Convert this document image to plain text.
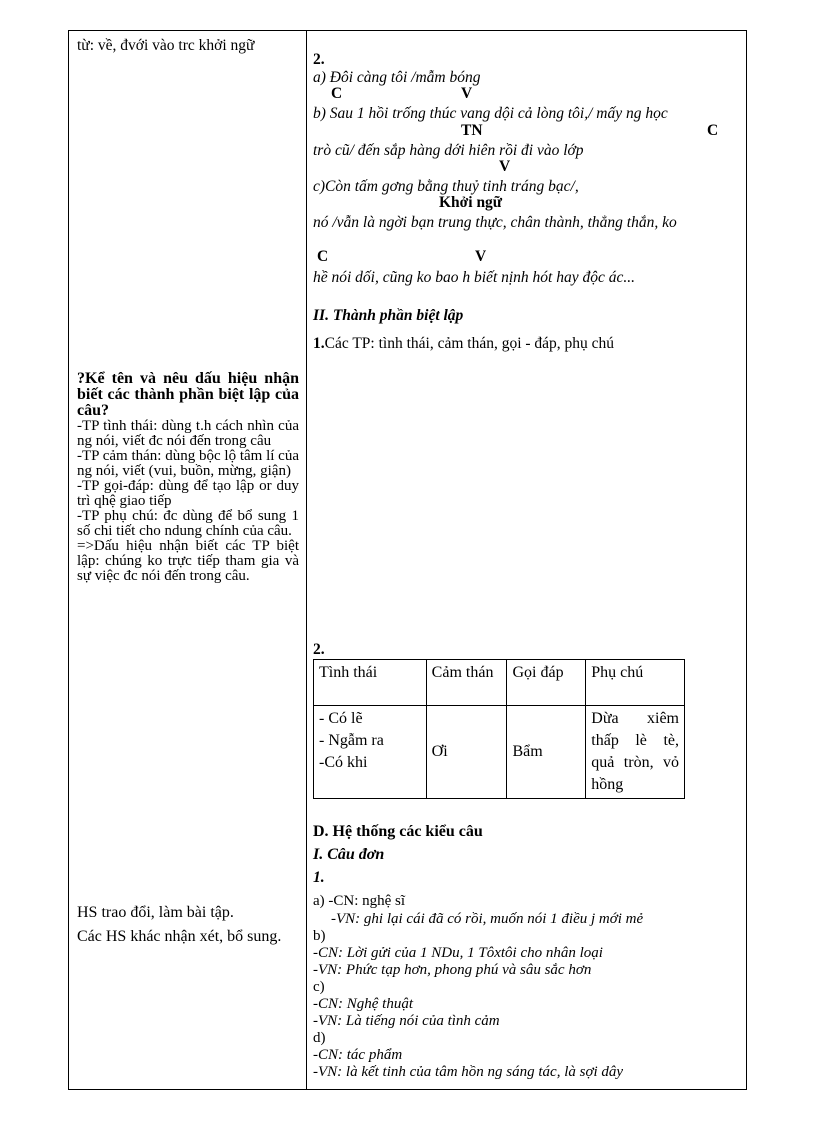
từ: về, đvới vào trc khởi ngữ

?Kể tên và nêu dấu hiệu nhận biết các thành phần biệt lập của câu?

-TP tình thái: dùng t.h cách nhìn của ng nói, viết đc nói đến trong câu

-TP cảm thán: dùng bộc lộ tâm lí của ng nói, viết (vui, buồn, mừng, giận)

-TP gọi-đáp: dùng để tạo lập or duy trì qhệ giao tiếp

-TP phụ chú: đc dùng để bổ sung 1 số chi tiết cho ndung chính của câu.

=>Dấu hiệu nhận biết các TP biệt lập: chúng ko trực tiếp tham gia và sự việc đc nói đến trong câu.

HS trao đổi, làm bài tập.

Các HS khác nhận xét, bổ sung.

2.
a) Đôi càng tôi /mẫm bóng
C	V
b) Sau 1 hồi trống thúc vang dội cả lòng tôi,/ mấy ng học
TN	C
trò cũ/ đến sắp hàng dới hiên rồi đi vào lớp
V
c)Còn tấm gơng bằng thuỷ tinh tráng bạc/,
Khởi ngữ
nó /vẫn là ngời bạn trung thực, chân thành, thẳng thắn, ko
C	V
hề nói dối, cũng ko bao h biết nịnh hót hay độc ác...
II. Thành phần biệt lập
1.Các TP: tình thái, cảm thán, gọi - đáp, phụ chú
2.
Tình thái	Cảm thán	Gọi đáp	Phụ chú

- Có lẽ
- Ngẫm ra
-Có khi	Ơi	Bẩm	Dừa xiêm thấp lè tè, quả tròn, vỏ hồng
D. Hệ thống các kiểu câu
I. Câu đơn
1.
a) -CN: nghệ sĩ
-VN: ghi lại cái đã có rồi, muốn nói 1 điều j mới mẻ
b)
-CN: Lời gửi của 1 NDu, 1 Tôxtôi cho nhân loại
-VN: Phức tạp hơn, phong phú và sâu sắc hơn
c)
-CN: Nghệ thuật
-VN: Là tiếng nói của tình cảm
d)
-CN: tác phẩm
-VN: là kết tinh của tâm hồn ng sáng tác, là sợi dây
